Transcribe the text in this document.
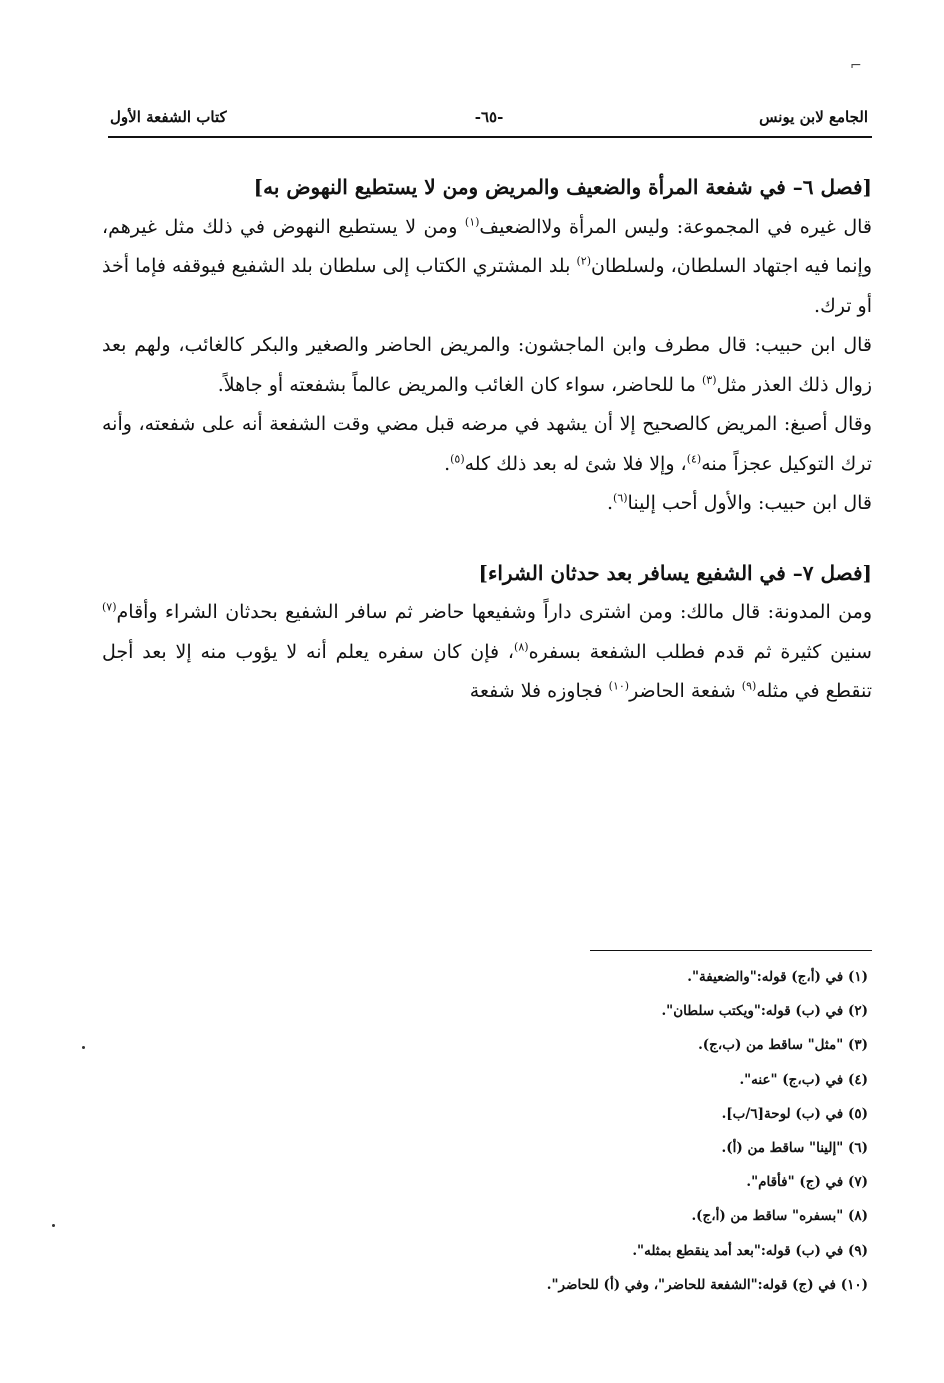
⌐
الجامع لابن يونس
-٦٥-
كتاب الشفعة الأول

[فصل ٦– في شفعة المرأة والضعيف والمريض ومن لا يستطيع النهوض به]

قال غيره في المجموعة: وليس المرأة ولاالضعيف$^{(١)}$ ومن لا يستطيع النهوض في ذلك مثل غيرهم، وإنما فيه اجتهاد السلطان، ولسلطان$^{(٢)}$ بلد المشتري الكتاب إلى سلطان بلد الشفيع فيوقفه فإما أخذ أو ترك.

قال ابن حبيب: قال مطرف وابن الماجشون: والمريض الحاضر والصغير والبكر كالغائب، ولهم بعد زوال ذلك العذر مثل$^{(٣)}$ ما للحاضر، سواء كان الغائب والمريض عالماً بشفعته أو جاهلاً.

وقال أصبغ: المريض كالصحيح إلا أن يشهد في مرضه قبل مضي وقت الشفعة أنه على شفعته، وأنه ترك التوكيل عجزاً منه$^{(٤)}$، وإلا فلا شئ له بعد ذلك كله$^{(٥)}$.

قال ابن حبيب: والأول أحب إلينا$^{(٦)}$.

[فصل ٧– في الشفيع يسافر بعد حدثان الشراء]

ومن المدونة: قال مالك: ومن اشترى داراً وشفيعها حاضر ثم سافر الشفيع بحدثان الشراء وأقام$^{(٧)}$ سنين كثيرة ثم قدم فطلب الشفعة بسفره$^{(٨)}$، فإن كان سفره يعلم أنه لا يؤوب منه إلا بعد أجل تنقطع في مثله$^{(٩)}$ شفعة الحاضر$^{(١٠)}$ فجاوزه فلا شفعة

(١) في (أ،ج) قوله:"والضعيفة".
(٢) في (ب) قوله:"ويكتب سلطان".
(٣) "مثل" ساقط من (ب،ج).
(٤) في (ب،ج) "عنه".
(٥) في (ب) لوحة[٦/ب].
(٦) "إلينا" ساقط من (أ).
(٧) في (ج) "فأقام".
(٨) "بسفره" ساقط من (أ،ج).
(٩) في (ب) قوله:"بعد أمد ينقطع بمثله".
(١٠) في (ج) قوله:"الشفعة للحاضر"، وفي (أ) للحاضر".
